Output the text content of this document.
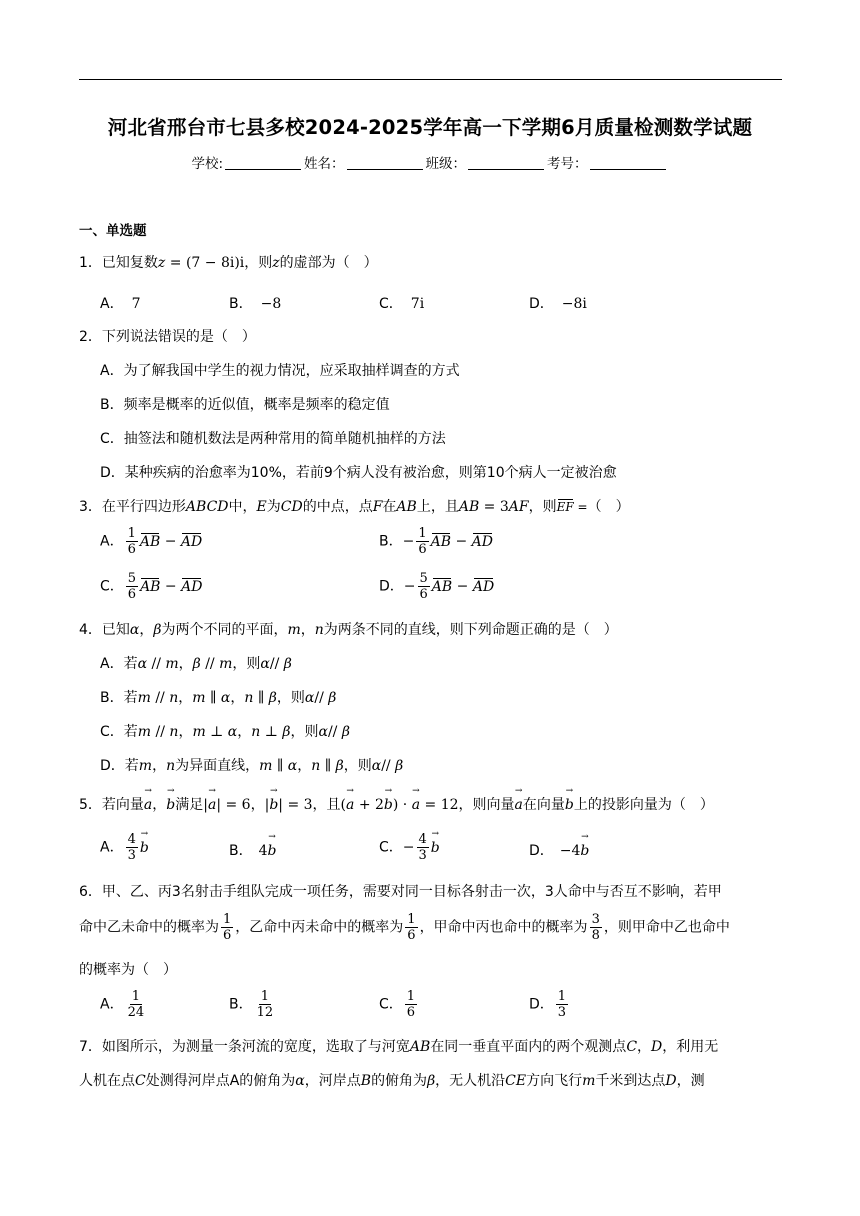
河北省邢台市七县多校2024-2025学年高一下学期6月质量检测数学试题
学校:	姓名：	班级：	考号：
一、单选题
1．已知复数z = (7 − 8i)i，则z的虚部为（　）
A． 7	B． −8	C． 7i	D． −8i
2．下列说法错误的是（　）
A．为了解我国中学生的视力情况，应采取抽样调查的方式
B．频率是概率的近似值，概率是频率的稳定值
C．抽签法和随机数法是两种常用的简单随机抽样的方法
D．某种疾病的治愈率为10%，若前9个病人没有被治愈，则第10个病人一定被治愈
3．在平行四边形ABCD中，E为CD的中点，点F在AB上，且AB = 3AF，则EF =（　）
A． $\frac{1}{6}$ AB − AD	B．− $\frac{1}{6}$ AB − AD
C． $\frac{5}{6}$ AB − AD	D．− $\frac{5}{6}$ AB − AD
4．已知α，β为两个不同的平面，m，n为两条不同的直线，则下列命题正确的是（　）
A．若α // m，β // m，则α// β
B．若m // n，m ∥ α，n ∥ β，则α// β
C．若m // n，m ⊥ α，n ⊥ β，则α// β
D．若m，n为异面直线，m ∥ α，n ∥ β，则α// β
5．若向量a →，b →满足|a →| = 6，|b →| = 3，且(a → + 2b →) · a → = 12，则向量a →在向量b →上的投影向量为（　）
A． $\frac{4}{3}$ b →	B． 4b →	C．− $\frac{4}{3}$ b →	D． −4b →
6．甲、乙、丙3名射击手组队完成一项任务，需要对同一目标各射击一次，3人命中与否互不影响，若甲
命中乙未命中的概率为 $\frac{1}{6}$ ，乙命中丙未命中的概率为 $\frac{1}{6}$ ，甲命中丙也命中的概率为 $\frac{3}{8}$ ，则甲命中乙也命中
的概率为（　）
A． $\frac{1}{24}$	B． $\frac{1}{12}$	C． $\frac{1}{6}$	D． $\frac{1}{3}$
7．如图所示，为测量一条河流的宽度，选取了与河宽AB在同一垂直平面内的两个观测点C，D，利用无
人机在点C处测得河岸点A的俯角为α，河岸点B的俯角为β，无人机沿CE方向飞行m千米到达点D，测
